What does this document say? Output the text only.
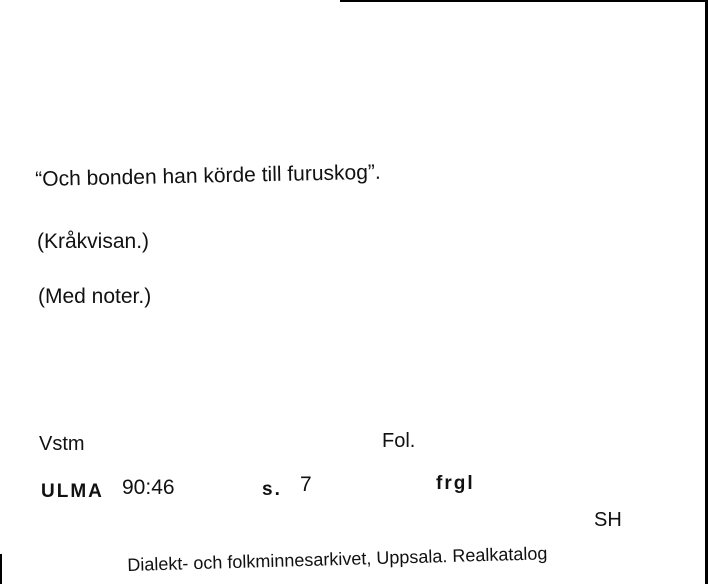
“Och bonden han körde till furuskog”.
(Kråkvisan.)
(Med noter.)
Vstm	Fol.
ULMA 90:46	s. 7	frgl
SH
Dialekt- och folkminnesarkivet, Uppsala. Realkatalog
